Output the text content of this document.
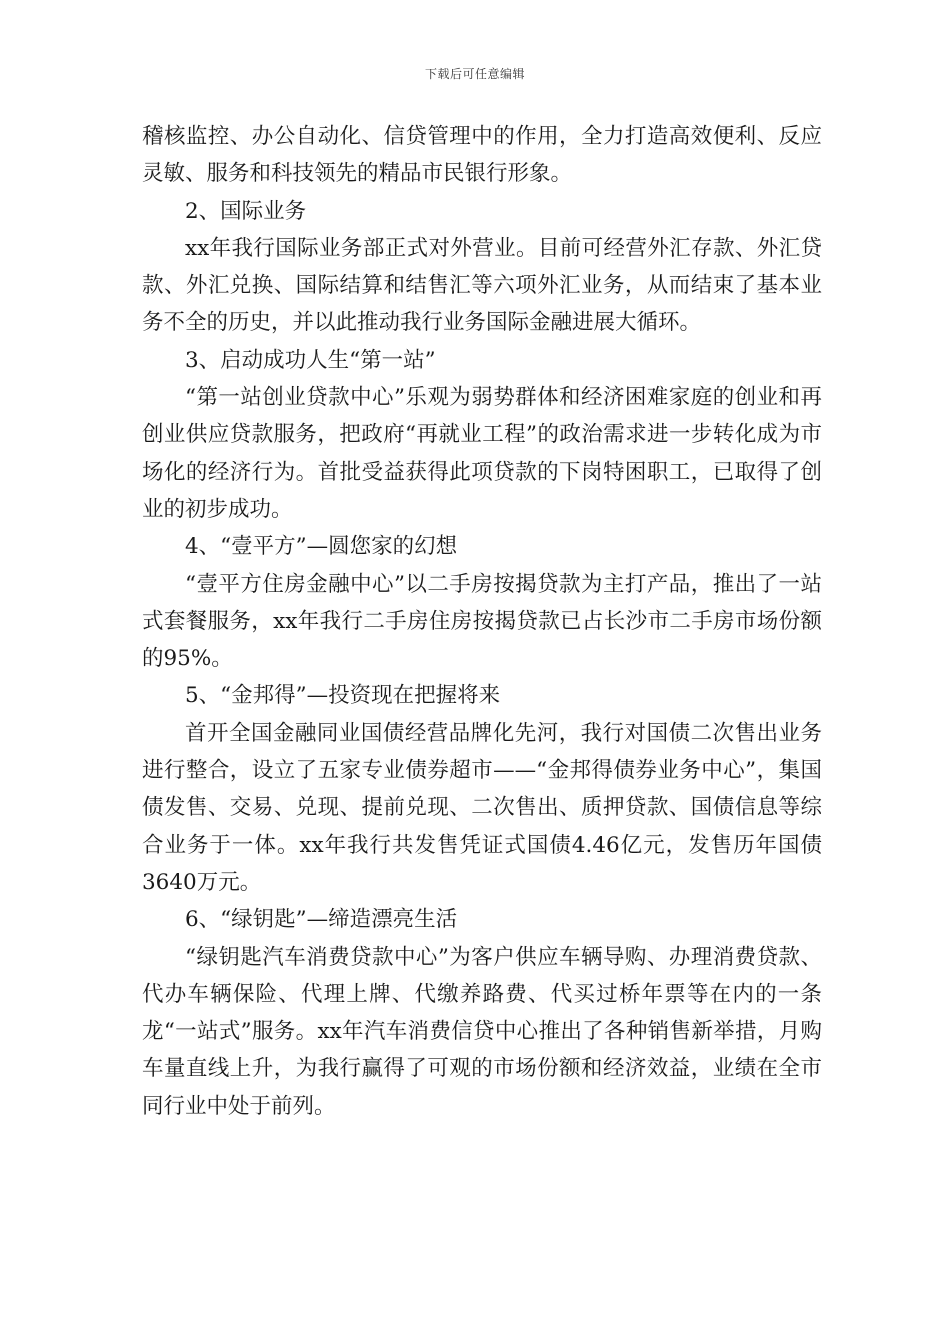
下载后可任意编辑

稽核监控、办公自动化、信贷管理中的作用，全力打造高效便利、反应灵敏、服务和科技领先的精品市民银行形象。

2、国际业务

xx年我行国际业务部正式对外营业。目前可经营外汇存款、外汇贷款、外汇兑换、国际结算和结售汇等六项外汇业务，从而结束了基本业务不全的历史，并以此推动我行业务国际金融进展大循环。

3、启动成功人生“第一站”

“第一站创业贷款中心”乐观为弱势群体和经济困难家庭的创业和再创业供应贷款服务，把政府“再就业工程”的政治需求进一步转化成为市场化的经济行为。首批受益获得此项贷款的下岗特困职工，已取得了创业的初步成功。

4、“壹平方”—圆您家的幻想

“壹平方住房金融中心”以二手房按揭贷款为主打产品，推出了一站式套餐服务，xx年我行二手房住房按揭贷款已占长沙市二手房市场份额的95%。

5、“金邦得”—投资现在把握将来

首开全国金融同业国债经营品牌化先河，我行对国债二次售出业务进行整合，设立了五家专业债券超市——“金邦得债券业务中心”，集国债发售、交易、兑现、提前兑现、二次售出、质押贷款、国债信息等综合业务于一体。xx年我行共发售凭证式国债4.46亿元，发售历年国债3640万元。

6、“绿钥匙”—缔造漂亮生活

“绿钥匙汽车消费贷款中心”为客户供应车辆导购、办理消费贷款、代办车辆保险、代理上牌、代缴养路费、代买过桥年票等在内的一条龙“一站式”服务。xx年汽车消费信贷中心推出了各种销售新举措，月购车量直线上升，为我行赢得了可观的市场份额和经济效益，业绩在全市同行业中处于前列。
